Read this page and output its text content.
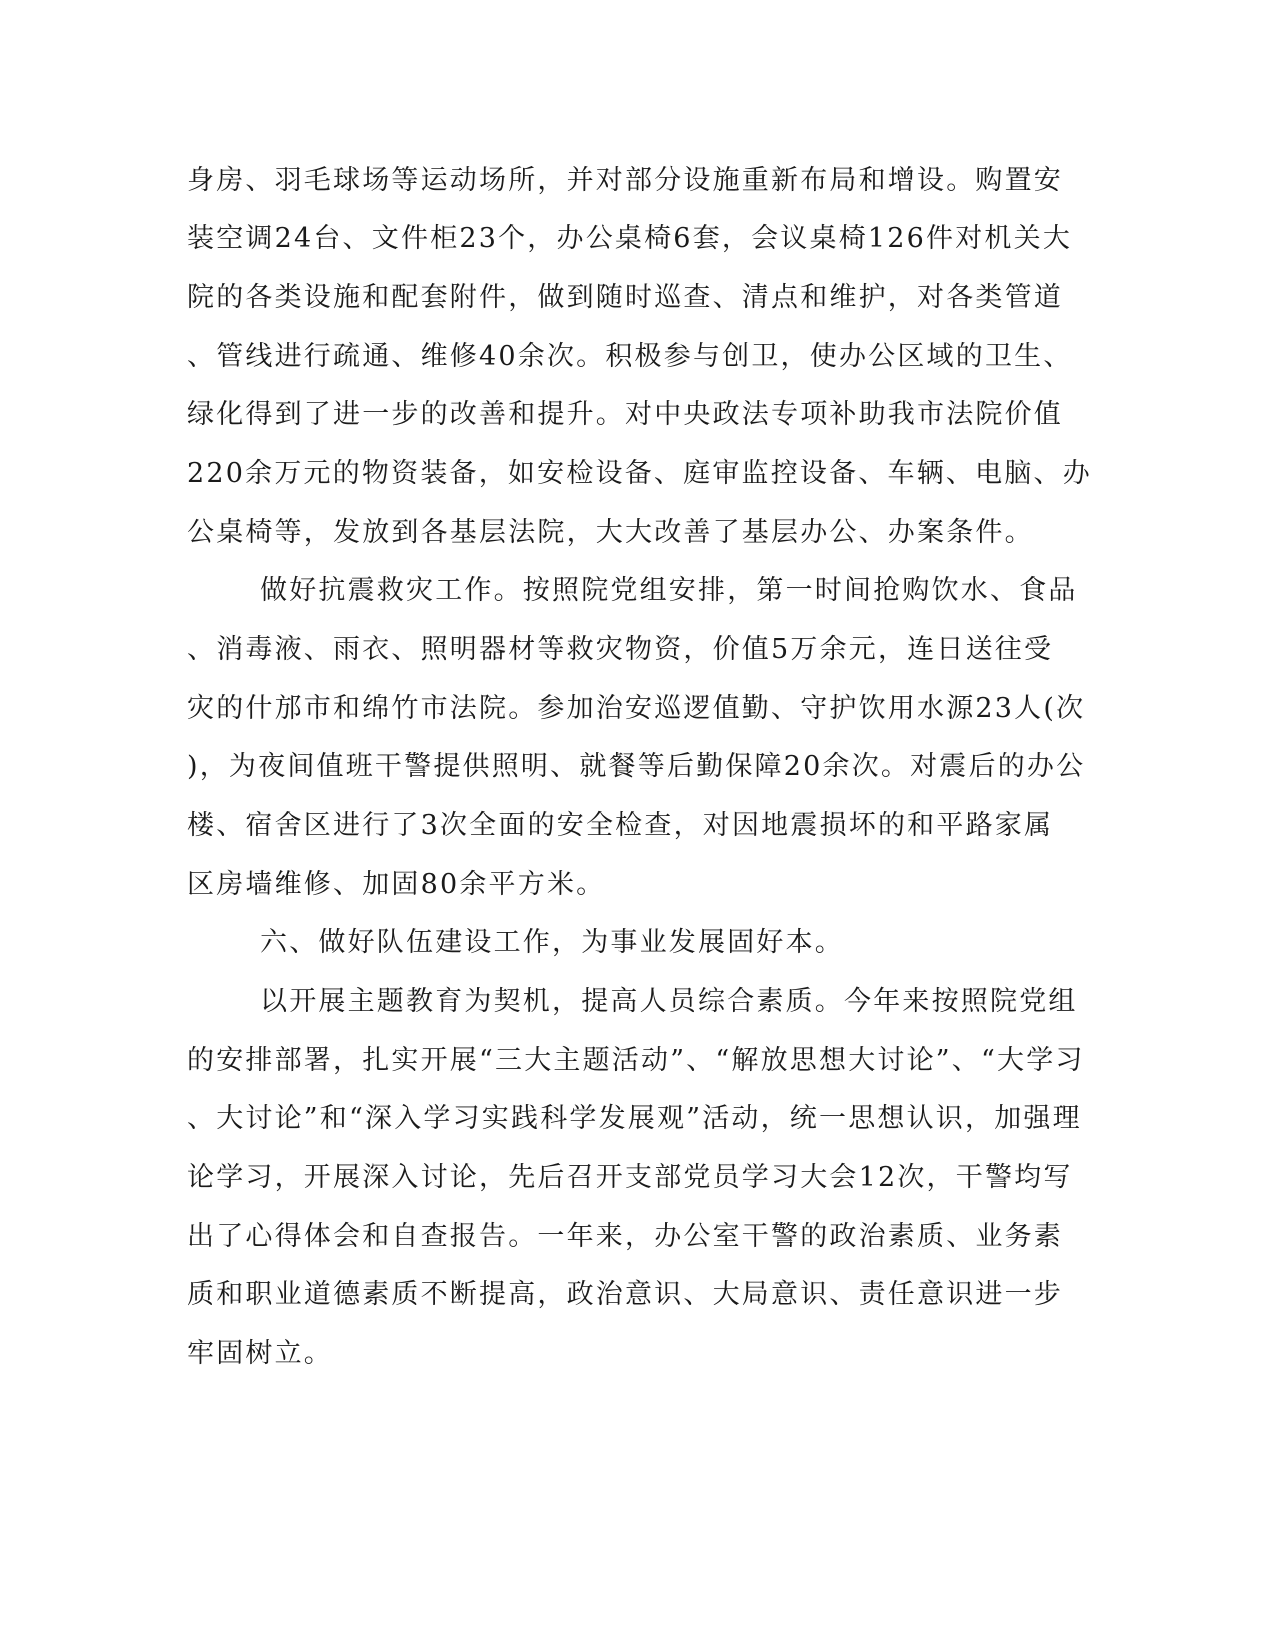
身房、羽毛球场等运动场所，并对部分设施重新布局和增设。购置安
装空调24台、文件柜23个，办公桌椅6套，会议桌椅126件对机关大
院的各类设施和配套附件，做到随时巡查、清点和维护，对各类管道
、管线进行疏通、维修40余次。积极参与创卫，使办公区域的卫生、
绿化得到了进一步的改善和提升。对中央政法专项补助我市法院价值
220余万元的物资装备，如安检设备、庭审监控设备、车辆、电脑、办
公桌椅等，发放到各基层法院，大大改善了基层办公、办案条件。
做好抗震救灾工作。按照院党组安排，第一时间抢购饮水、食品
、消毒液、雨衣、照明器材等救灾物资，价值5万余元，连日送往受
灾的什邡市和绵竹市法院。参加治安巡逻值勤、守护饮用水源23人(次
)，为夜间值班干警提供照明、就餐等后勤保障20余次。对震后的办公
楼、宿舍区进行了3次全面的安全检查，对因地震损坏的和平路家属
区房墙维修、加固80余平方米。
六、做好队伍建设工作，为事业发展固好本。
以开展主题教育为契机，提高人员综合素质。今年来按照院党组
的安排部署，扎实开展“三大主题活动”、“解放思想大讨论”、“大学习
、大讨论”和“深入学习实践科学发展观”活动，统一思想认识，加强理
论学习，开展深入讨论，先后召开支部党员学习大会12次，干警均写
出了心得体会和自查报告。一年来，办公室干警的政治素质、业务素
质和职业道德素质不断提高，政治意识、大局意识、责任意识进一步
牢固树立。
